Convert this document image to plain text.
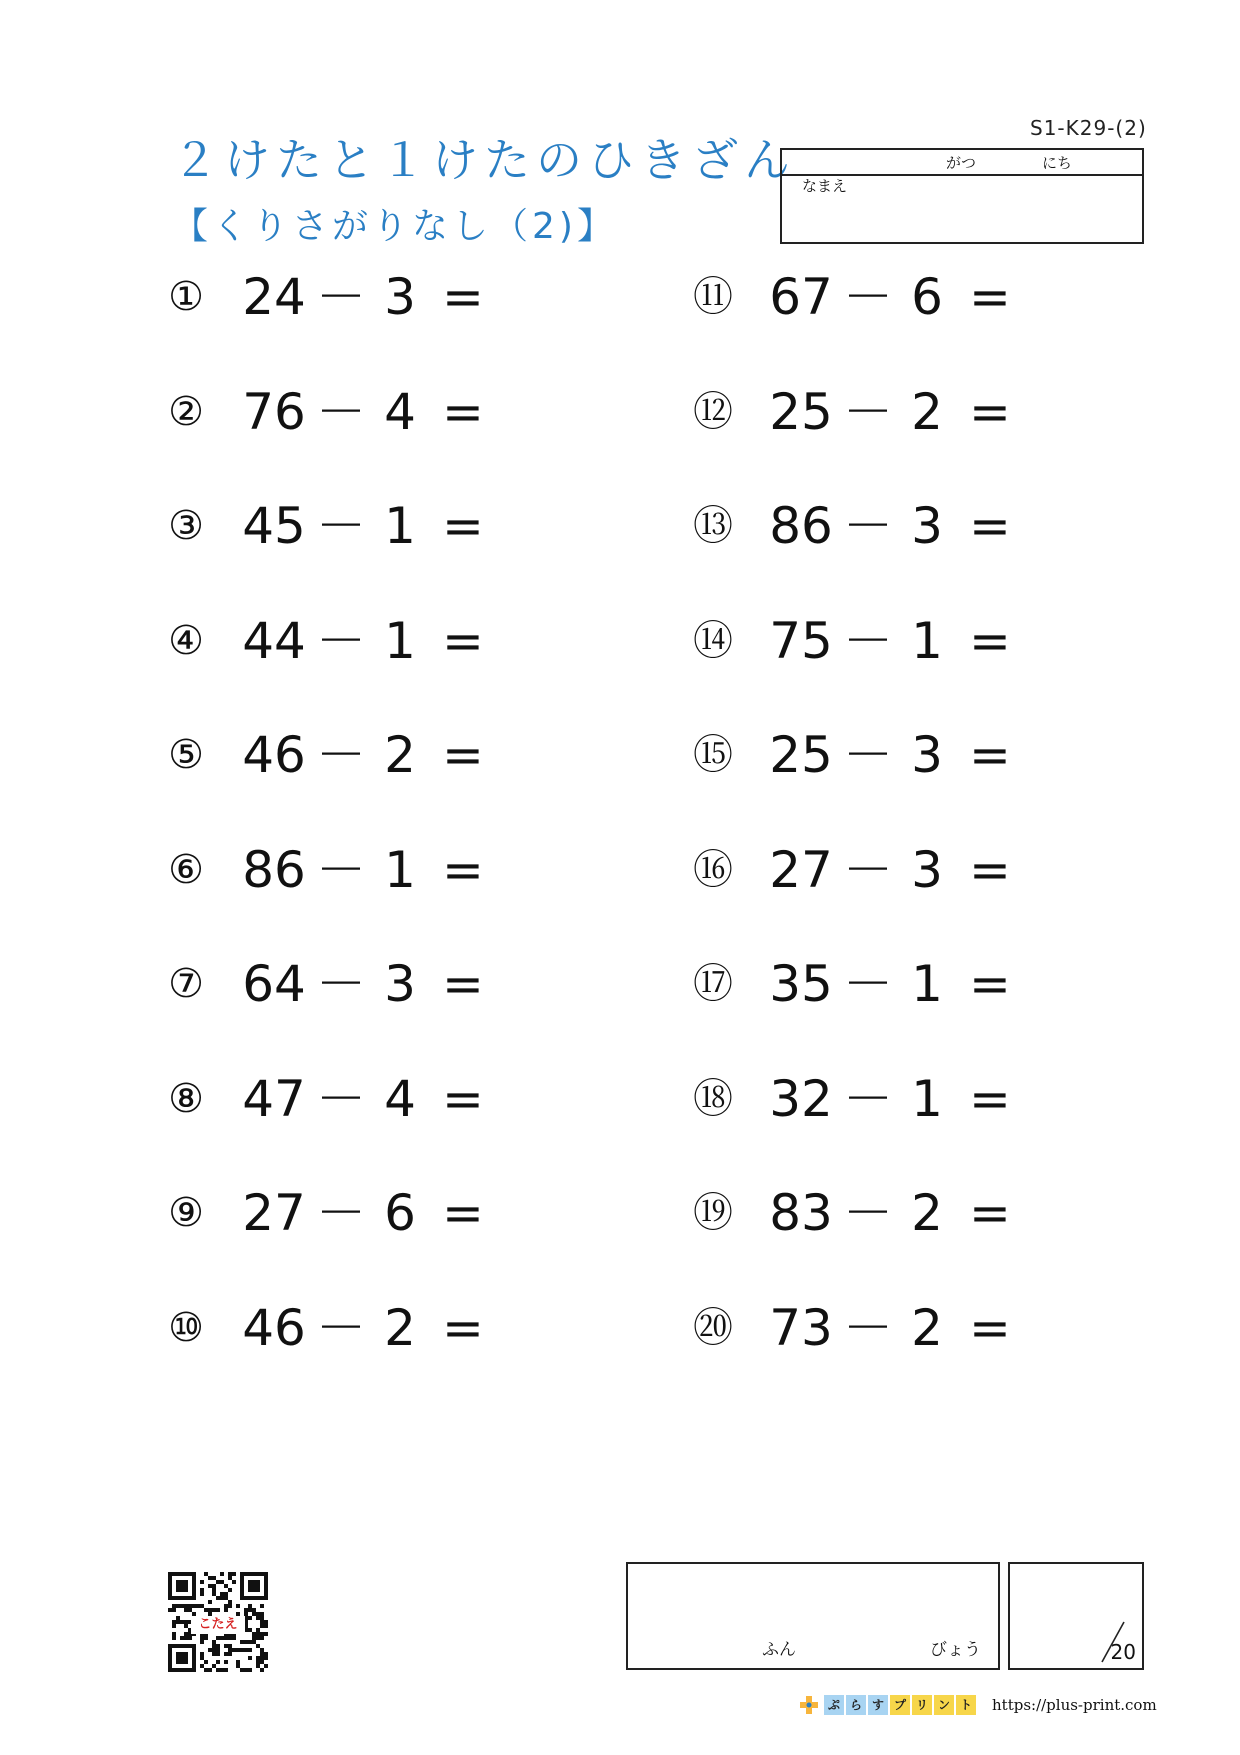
２けたと１けたのひきざん
【くりさがりなし（2)】
S1-K29-(2)
がつ	にち
なまえ
① 24 － 3 =
② 76 － 4 =
③ 45 － 1 =
④ 44 － 1 =
⑤ 46 － 2 =
⑥ 86 － 1 =
⑦ 64 － 3 =
⑧ 47 － 4 =
⑨ 27 － 6 =
⑩ 46 － 2 =
⑪ 67 － 6 =
⑫ 25 － 2 =
⑬ 86 － 3 =
⑭ 75 － 1 =
⑮ 25 － 3 =
⑯ 27 － 3 =
⑰ 35 － 1 =
⑱ 32 － 1 =
⑲ 83 － 2 =
⑳ 73 － 2 =
こたえ
ふん	びょう	20
ぷ ら す プ リ ン ト https://plus-print.com
